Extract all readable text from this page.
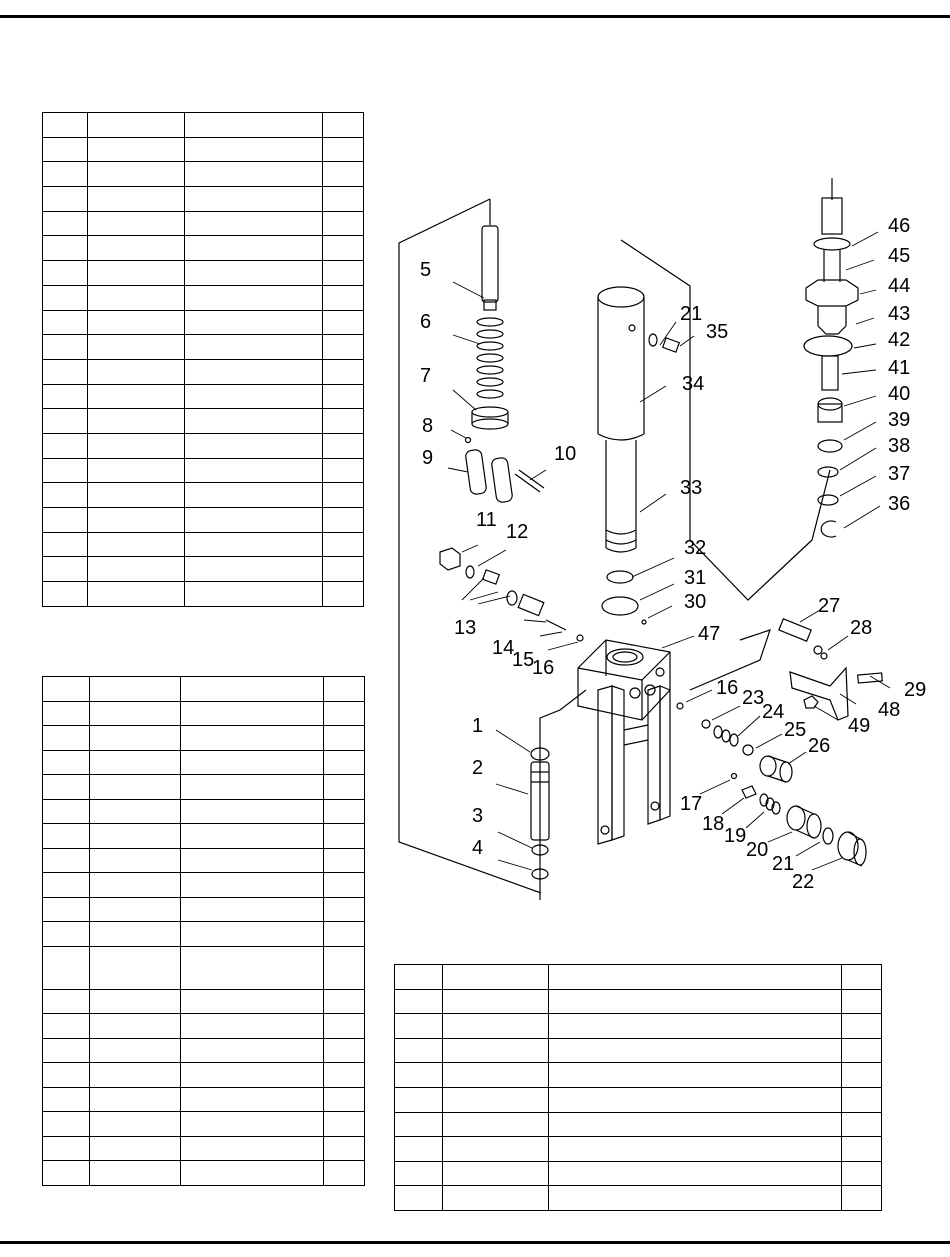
1
2
3
4
5
6
7
8
9	10
11
12
13
14
15
16
16
17
18
19
20
21
21
22
23
24
25
26
27
28
29
30
31
32
33
34
35
36
37
38
39
40
41
42
43
44
45
46
47
48
49
